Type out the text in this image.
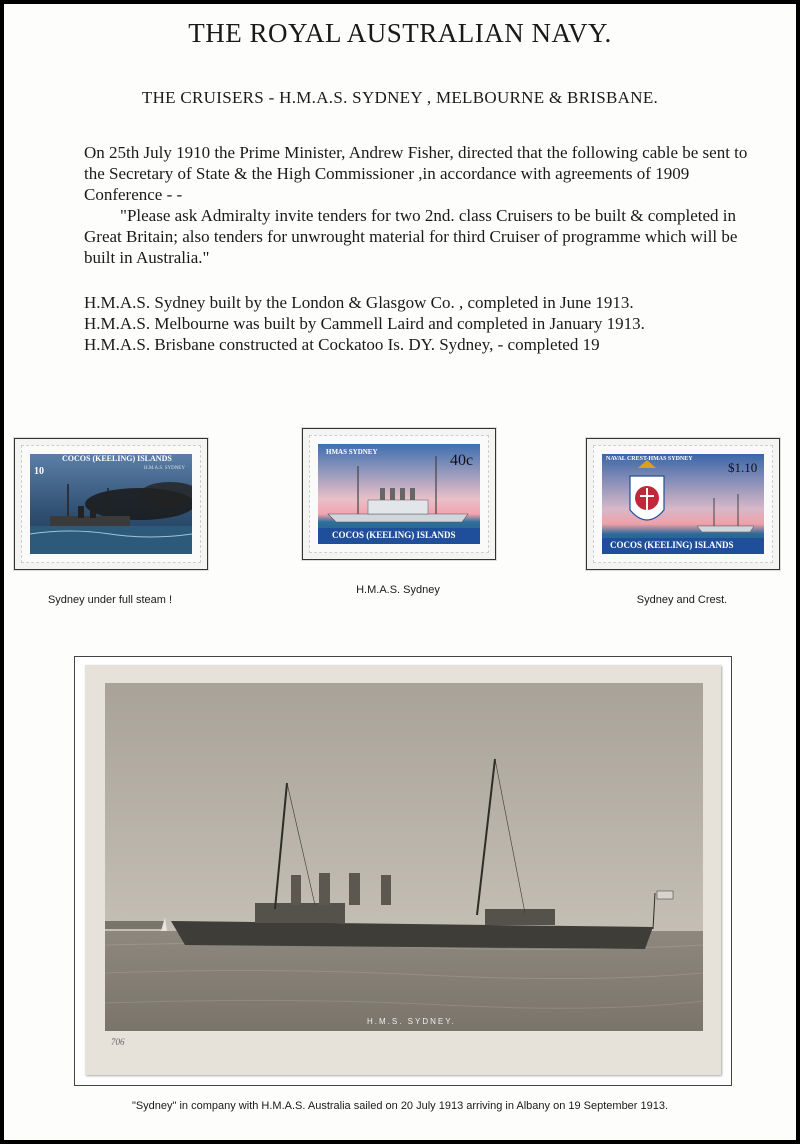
THE ROYAL AUSTRALIAN NAVY.
THE CRUISERS - H.M.A.S. SYDNEY , MELBOURNE & BRISBANE.

On 25th July 1910 the Prime Minister, Andrew Fisher, directed that the following cable be sent to the Secretary of State & the High Commissioner ,in accordance with agreements of 1909 Conference - -

"Please ask Admiralty invite tenders for two 2nd. class Cruisers to be built & completed in Great Britain; also tenders for unwrought material for third Cruiser of programme which will be built in Australia."

H.M.A.S. Sydney built by the London & Glasgow Co. , completed in June 1913.
H.M.A.S. Melbourne was built by Cammell Laird and completed in January 1913.
H.M.A.S. Brisbane constructed at Cockatoo Is. DY. Sydney, - completed 19
COCOS (KEELING) ISLANDS
10	H.M.A.S. SYDNEY
Sydney under full steam !
HMAS SYDNEY	40c
COCOS (KEELING) ISLANDS
H.M.A.S. Sydney
NAVAL CREST-HMAS SYDNEY
$1.10
COCOS (KEELING) ISLANDS
Sydney and Crest.
H.M.S. SYDNEY.
706
"Sydney" in company with H.M.A.S. Australia sailed on 20 July 1913 arriving in Albany on 19 September 1913.
